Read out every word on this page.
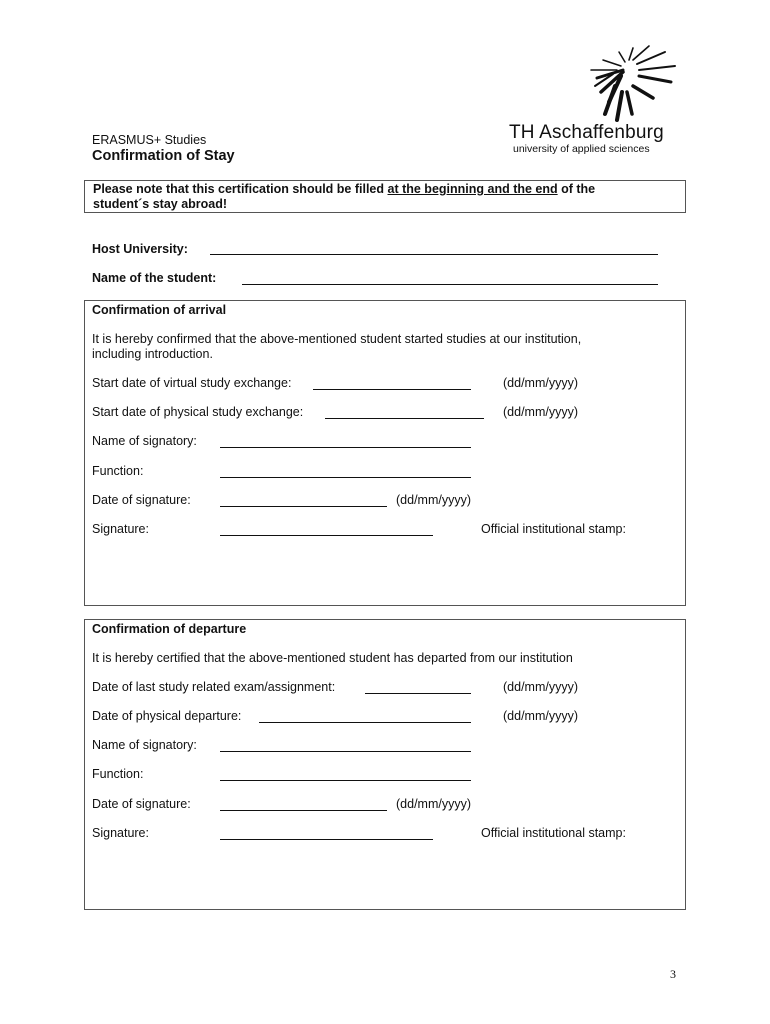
ERASMUS+ Studies
Confirmation of Stay
TH Aschaffenburg
university of applied sciences
Please note that this certification should be filled at the beginning and the end of the
student´s stay abroad!
Host University:
Name of the student:
Confirmation of arrival
It is hereby confirmed that the above-mentioned student started studies at our institution,
including introduction.
Start date of virtual study exchange:	(dd/mm/yyyy)
Start date of physical study exchange:	(dd/mm/yyyy)
Name of signatory:
Function:
Date of signature:	(dd/mm/yyyy)
Signature:	Official institutional stamp:
Confirmation of departure
It is hereby certified that the above-mentioned student has departed from our institution
Date of last study related exam/assignment:	(dd/mm/yyyy)
Date of physical departure:	(dd/mm/yyyy)
Name of signatory:
Function:
Date of signature:	(dd/mm/yyyy)
Signature:	Official institutional stamp:
3
